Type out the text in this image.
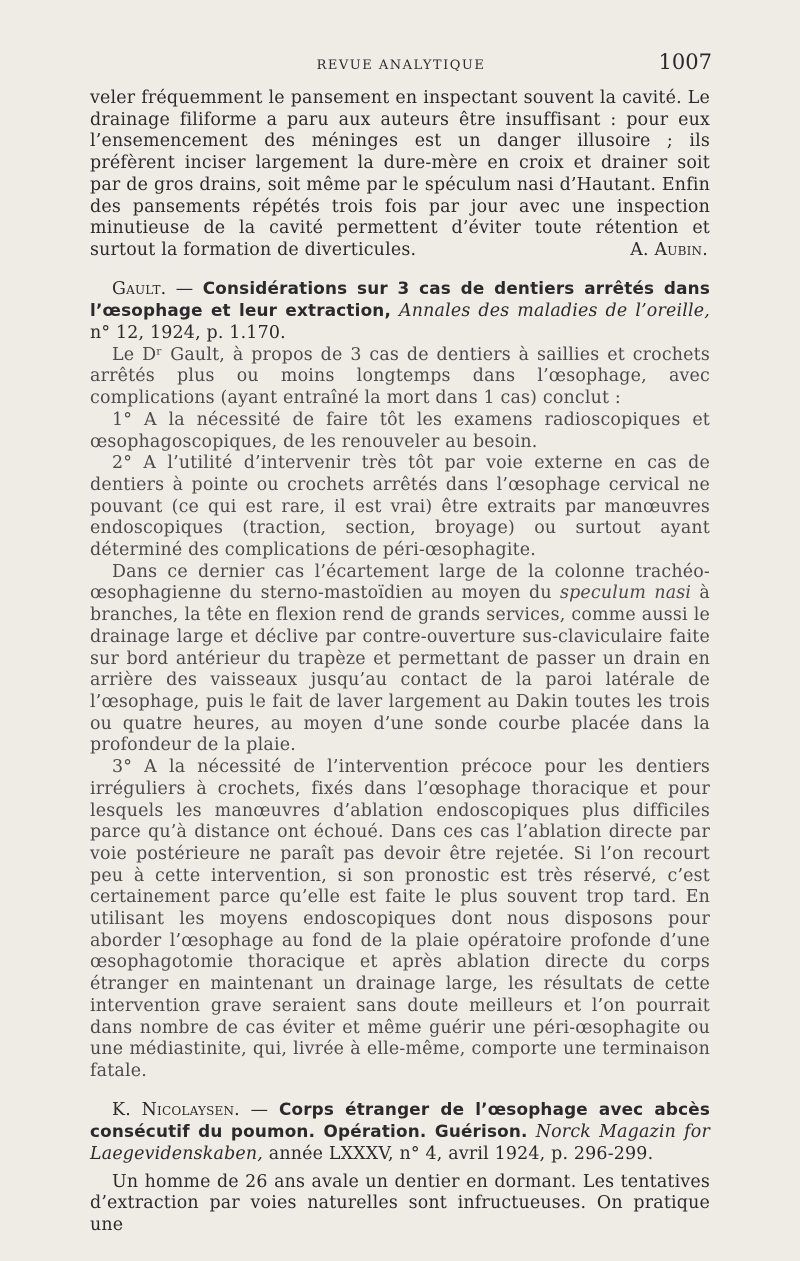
REVUE ANALYTIQUE	1007

veler fréquemment le pansement en inspectant souvent la cavité. Le drainage filiforme a paru aux auteurs être insuffisant : pour eux l’ensemencement des méninges est un danger illusoire ; ils préfèrent inciser largement la dure-mère en croix et drainer soit par de gros drains, soit même par le spéculum nasi d’Hautant. Enfin des pansements répétés trois fois par jour avec une inspection minutieuse de la cavité permettent d’éviter toute rétention et surtout la formation de diverticules.	A. Aubin.

Gault. — Considérations sur 3 cas de dentiers arrêtés dans l’œsophage et leur extraction, Annales des maladies de l’oreille, n° 12, 1924, p. 1.170.

Le Dʳ Gault, à propos de 3 cas de dentiers à saillies et crochets arrêtés plus ou moins longtemps dans l’œsophage, avec complications (ayant entraîné la mort dans 1 cas) conclut :

1° A la nécessité de faire tôt les examens radioscopiques et œsophagoscopiques, de les renouveler au besoin.

2° A l’utilité d’intervenir très tôt par voie externe en cas de dentiers à pointe ou crochets arrêtés dans l’œsophage cervical ne pouvant (ce qui est rare, il est vrai) être extraits par manœuvres endoscopiques (traction, section, broyage) ou surtout ayant déterminé des complications de péri-œsophagite.

Dans ce dernier cas l’écartement large de la colonne trachéo-œsophagienne du sterno-mastoïdien au moyen du speculum nasi à branches, la tête en flexion rend de grands services, comme aussi le drainage large et déclive par contre-ouverture sus-claviculaire faite sur bord antérieur du trapèze et permettant de passer un drain en arrière des vaisseaux jusqu’au contact de la paroi latérale de l’œsophage, puis le fait de laver largement au Dakin toutes les trois ou quatre heures, au moyen d’une sonde courbe placée dans la profondeur de la plaie.

3° A la nécessité de l’intervention précoce pour les dentiers irréguliers à crochets, fixés dans l’œsophage thoracique et pour lesquels les manœuvres d’ablation endoscopiques plus difficiles parce qu’à distance ont échoué. Dans ces cas l’ablation directe par voie postérieure ne paraît pas devoir être rejetée. Si l’on recourt peu à cette intervention, si son pronostic est très réservé, c’est certainement parce qu’elle est faite le plus souvent trop tard. En utilisant les moyens endoscopiques dont nous disposons pour aborder l’œsophage au fond de la plaie opératoire profonde d’une œsophagotomie thoracique et après ablation directe du corps étranger en maintenant un drainage large, les résultats de cette intervention grave seraient sans doute meilleurs et l’on pourrait dans nombre de cas éviter et même guérir une péri-œsophagite ou une médiastinite, qui, livrée à elle-même, comporte une terminaison fatale.

K. Nicolaysen. — Corps étranger de l’œsophage avec abcès consécutif du poumon. Opération. Guérison. Norck Magazin for Laegevidenskaben, année LXXXV, n° 4, avril 1924, p. 296-299.

Un homme de 26 ans avale un dentier en dormant. Les tentatives d’extraction par voies naturelles sont infructueuses. On pratique une
